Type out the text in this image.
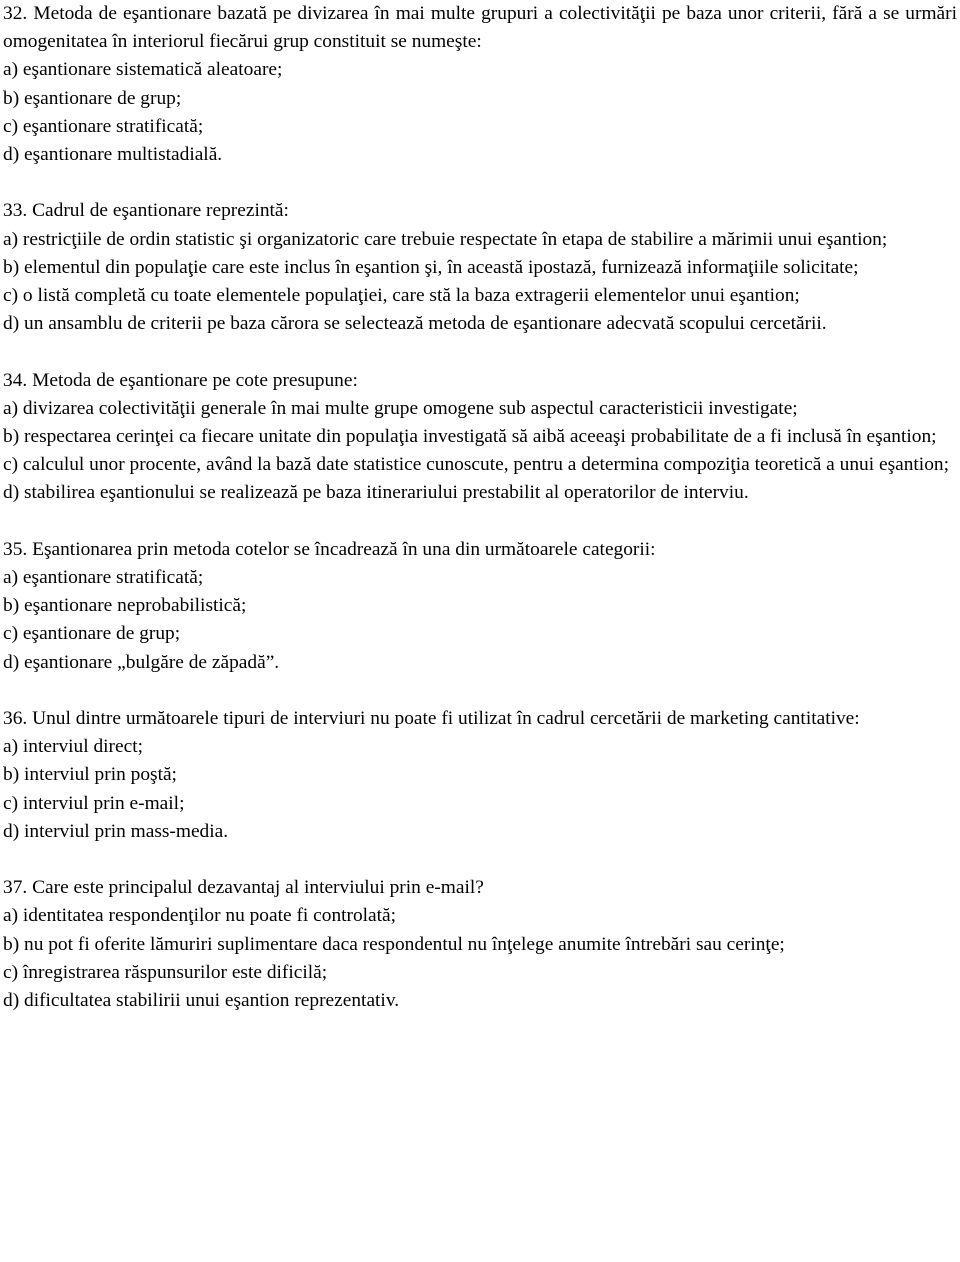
32. Metoda de eşantionare bazată pe divizarea în mai multe grupuri a colectivităţii pe baza unor criterii, fără a se urmări omogenitatea în interiorul fiecărui grup constituit se numeşte:

a) eşantionare sistematică aleatoare;

b) eşantionare de grup;

c) eşantionare stratificată;

d) eşantionare multistadială.

33. Cadrul de eşantionare reprezintă:

a) restricţiile de ordin statistic şi organizatoric care trebuie respectate în etapa de stabilire a mărimii unui eşantion;

b) elementul din populaţie care este inclus în eşantion şi, în această ipostază, furnizează informaţiile solicitate;

c) o listă completă cu toate elementele populaţiei, care stă la baza extragerii elementelor unui eşantion;

d) un ansamblu de criterii pe baza cărora se selectează metoda de eşantionare adecvată scopului cercetării.

34. Metoda de eşantionare pe cote presupune:

a) divizarea colectivităţii generale în mai multe grupe omogene sub aspectul caracteristicii investigate;

b) respectarea cerinţei ca fiecare unitate din populaţia investigată să aibă aceeaşi probabilitate de a fi inclusă în eşantion;

c) calculul unor procente, având la bază date statistice cunoscute, pentru a determina compoziţia teoretică a unui eşantion;

d) stabilirea eşantionului se realizează pe baza itinerariului prestabilit al operatorilor de interviu.

35. Eşantionarea prin metoda cotelor se încadrează în una din următoarele categorii:

a) eşantionare stratificată;

b) eşantionare neprobabilistică;

c) eşantionare de grup;

d) eşantionare „bulgăre de zăpadă”.

36. Unul dintre următoarele tipuri de interviuri nu poate fi utilizat în cadrul cercetării de marketing cantitative:

a) interviul direct;

b) interviul prin poştă;

c) interviul prin e-mail;

d) interviul prin mass-media.

37. Care este principalul dezavantaj al interviului prin e-mail?

a) identitatea respondenţilor nu poate fi controlată;

b) nu pot fi oferite lămuriri suplimentare daca respondentul nu înţelege anumite întrebări sau cerinţe;

c) înregistrarea răspunsurilor este dificilă;

d) dificultatea stabilirii unui eşantion reprezentativ.
